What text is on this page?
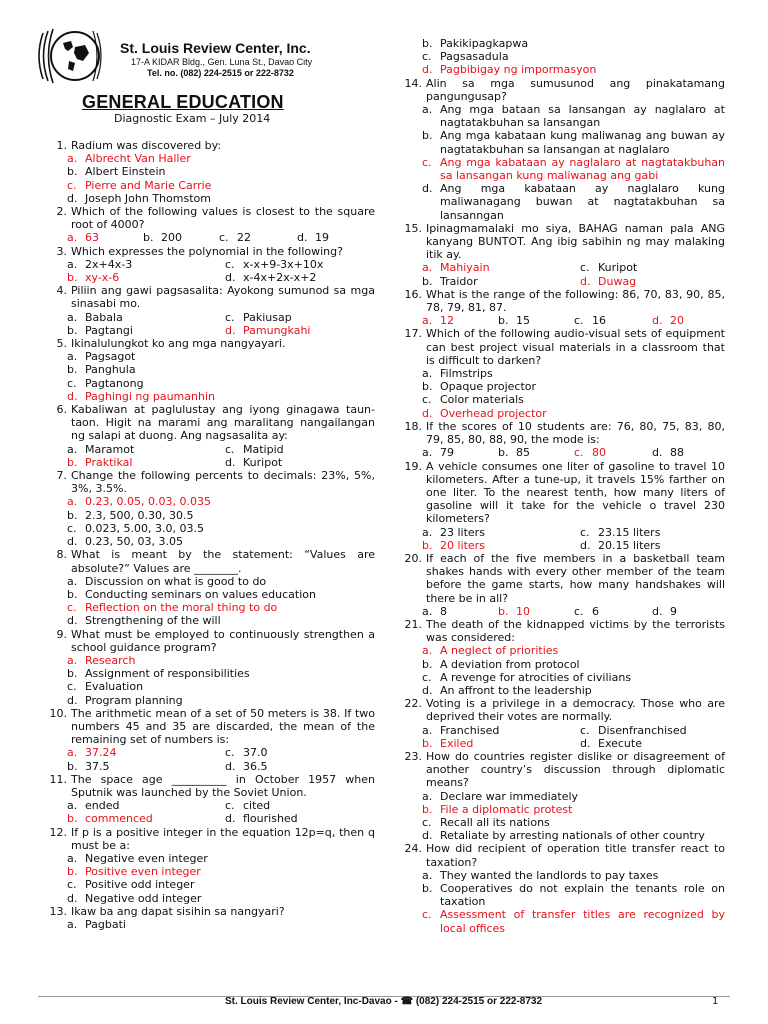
St. Louis Review Center, Inc.
17-A KIDAR Bldg., Gen. Luna St., Davao City
Tel. no. (082) 224-2515 or 222-8732
GENERAL EDUCATION
Diagnostic Exam – July 2014
1. Radium was discovered by:
a. Albrecht Van Haller
b. Albert Einstein
c. Pierre and Marie Carrie
d. Joseph John Thomstom
2. Which of the following values is closest to the square root of 4000?
a. 63	b. 200	c. 22	d. 19
3. Which expresses the polynomial in the following?
a. 2x+4x-3	c. x-x+9-3x+10x
b. xy-x-6	d. x-4x+2x-x+2
4. Piliin ang gawi pagsasalita: Ayokong sumunod sa mga sinasabi mo.
a. Babala	c. Pakiusap
b. Pagtangi	d. Pamungkahi
5. Ikinalulungkot ko ang mga nangyayari.
a. Pagsagot
b. Panghula
c. Pagtanong
d. Paghingi ng paumanhin
6. Kabaliwan at paglulustay ang iyong ginagawa taun-taon. Higit na marami ang maralitang nangailangan ng salapi at duong. Ang nagsasalita ay:
a. Maramot	c. Matipid
b. Praktikal	d. Kuripot
7. Change the following percents to decimals: 23%, 5%, 3%, 3.5%.
a. 0.23, 0.05, 0.03, 0.035
b. 2.3, 500, 0.30, 30.5
c. 0.023, 5.00, 3.0, 03.5
d. 0.23, 50, 03, 3.05
8. What is meant by the statement: “Values are absolute?” Values are ________.
a. Discussion on what is good to do
b. Conducting seminars on values education
c. Reflection on the moral thing to do
d. Strengthening of the will
9. What must be employed to continuously strengthen a school guidance program?
a. Research
b. Assignment of responsibilities
c. Evaluation
d. Program planning
10. The arithmetic mean of a set of 50 meters is 38. If two numbers 45 and 35 are discarded, the mean of the remaining set of numbers is:
a. 37.24	c. 37.0
b. 37.5	d. 36.5
11. The space age __________ in October 1957 when Sputnik was launched by the Soviet Union.
a. ended	c. cited
b. commenced	d. flourished
12. If p is a positive integer in the equation 12p=q, then q must be a:
a. Negative even integer
b. Positive even integer
c. Positive odd integer
d. Negative odd integer
13. Ikaw ba ang dapat sisihin sa nangyari?
a. Pagbati
b. Pakikipagkapwa
c. Pagsasadula
d. Pagbibigay ng impormasyon
14. Alin sa mga sumusunod ang pinakatamang pangungusap?
a. Ang mga bataan sa lansangan ay naglalaro at nagtatakbuhan sa lansangan
b. Ang mga kabataan kung maliwanag ang buwan ay nagtatakbuhan sa lansangan at naglalaro
c. Ang mga kabataan ay naglalaro at nagtatakbuhan sa lansangan kung maliwanag ang gabi
d. Ang mga kabataan ay naglalaro kung maliwanagang buwan at nagtatakbuhan sa lansanngan
15. Ipinagmamalaki mo siya, BAHAG naman pala ANG kanyang BUNTOT. Ang ibig sabihin ng may malaking itik ay.
a. Mahiyain	c. Kuripot
b. Traidor	d. Duwag
16. What is the range of the following: 86, 70, 83, 90, 85, 78, 79, 81, 87.
a. 12	b. 15	c. 16	d. 20
17. Which of the following audio-visual sets of equipment can best project visual materials in a classroom that is difficult to darken?
a. Filmstrips
b. Opaque projector
c. Color materials
d. Overhead projector
18. If the scores of 10 students are: 76, 80, 75, 83, 80, 79, 85, 80, 88, 90, the mode is:
a. 79	b. 85	c. 80	d. 88
19. A vehicle consumes one liter of gasoline to travel 10 kilometers. After a tune-up, it travels 15% farther on one liter. To the nearest tenth, how many liters of gasoline will it take for the vehicle o travel 230 kilometers?
a. 23 liters	c. 23.15 liters
b. 20 liters	d. 20.15 liters
20. If each of the five members in a basketball team shakes hands with every other member of the team before the game starts, how many handshakes will there be in all?
a. 8	b. 10	c. 6	d. 9
21. The death of the kidnapped victims by the terrorists was considered:
a. A neglect of priorities
b. A deviation from protocol
c. A revenge for atrocities of civilians
d. An affront to the leadership
22. Voting is a privilege in a democracy. Those who are deprived their votes are normally.
a. Franchised	c. Disenfranchised
b. Exiled	d. Execute
23. How do countries register dislike or disagreement of another country’s discussion through diplomatic means?
a. Declare war immediately
b. File a diplomatic protest
c. Recall all its nations
d. Retaliate by arresting nationals of other country
24. How did recipient of operation title transfer react to taxation?
a. They wanted the landlords to pay taxes
b. Cooperatives do not explain the tenants role on taxation
c. Assessment of transfer titles are recognized by local offices
St. Louis Review Center, Inc-Davao - ☎ (082) 224-2515 or 222-8732	1
